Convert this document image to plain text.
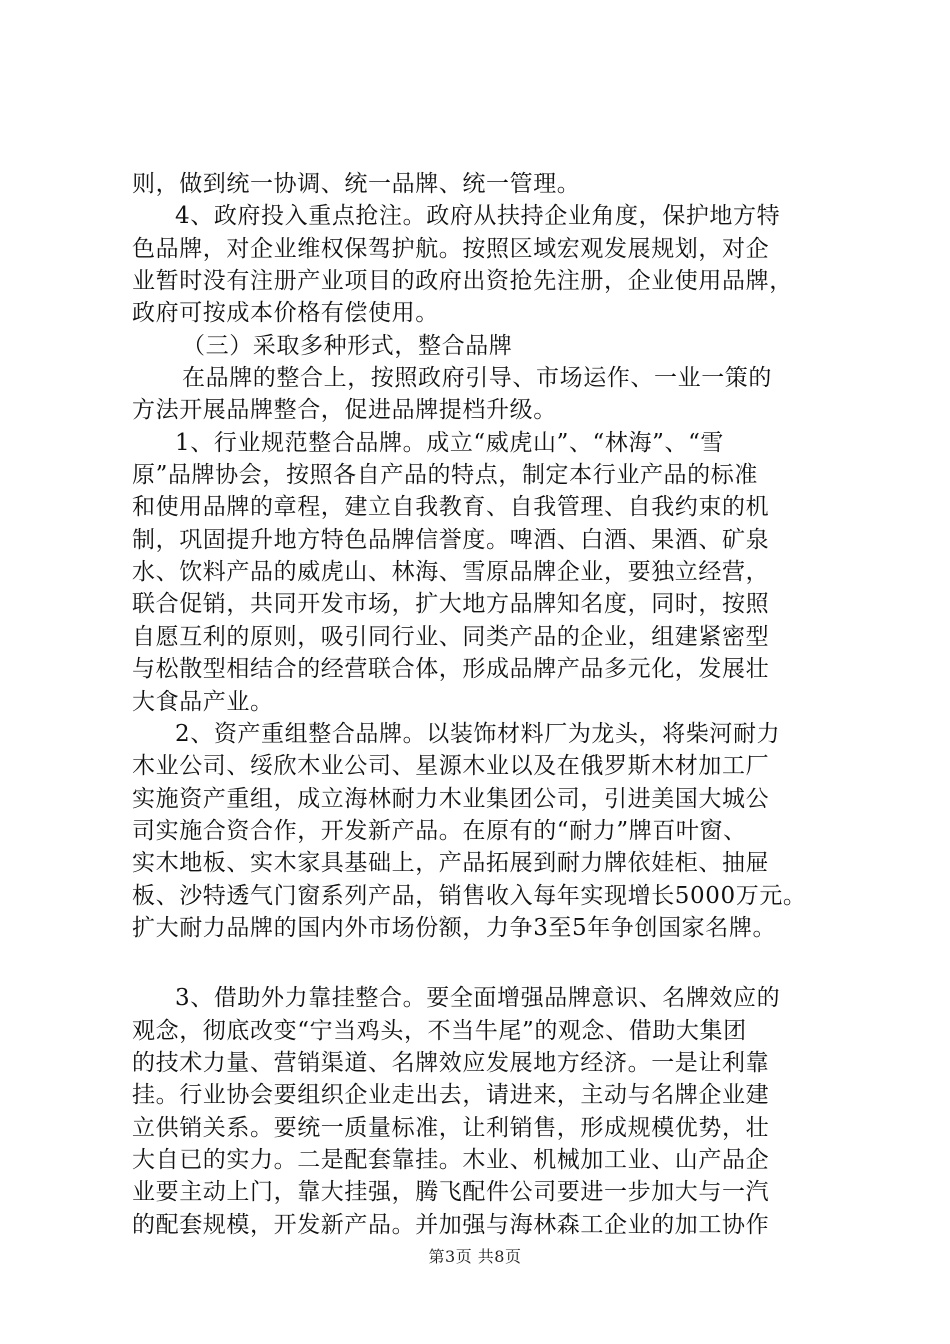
则，做到统一协调、统一品牌、统一管理。
4、政府投入重点抢注。政府从扶持企业角度，保护地方特
色品牌，对企业维权保驾护航。按照区域宏观发展规划，对企
业暂时没有注册产业项目的政府出资抢先注册，企业使用品牌，
政府可按成本价格有偿使用。
（三）采取多种形式，整合品牌
在品牌的整合上，按照政府引导、市场运作、一业一策的
方法开展品牌整合，促进品牌提档升级。
1、行业规范整合品牌。成立“威虎山”、“林海”、“雪
原”品牌协会，按照各自产品的特点，制定本行业产品的标准
和使用品牌的章程，建立自我教育、自我管理、自我约束的机
制，巩固提升地方特色品牌信誉度。啤酒、白酒、果酒、矿泉
水、饮料产品的威虎山、林海、雪原品牌企业，要独立经营，
联合促销，共同开发市场，扩大地方品牌知名度，同时，按照
自愿互利的原则，吸引同行业、同类产品的企业，组建紧密型
与松散型相结合的经营联合体，形成品牌产品多元化，发展壮
大食品产业。
2、资产重组整合品牌。以装饰材料厂为龙头，将柴河耐力
木业公司、绥欣木业公司、星源木业以及在俄罗斯木材加工厂
实施资产重组，成立海林耐力木业集团公司，引进美国大城公
司实施合资合作，开发新产品。在原有的“耐力”牌百叶窗、
实木地板、实木家具基础上，产品拓展到耐力牌依娃柜、抽屉
板、沙特透气门窗系列产品，销售收入每年实现增长5000万元。
扩大耐力品牌的国内外市场份额，力争3至5年争创国家名牌。
3、借助外力靠挂整合。要全面增强品牌意识、名牌效应的
观念，彻底改变“宁当鸡头，不当牛尾”的观念、借助大集团
的技术力量、营销渠道、名牌效应发展地方经济。一是让利靠
挂。行业协会要组织企业走出去，请进来，主动与名牌企业建
立供销关系。要统一质量标准，让利销售，形成规模优势，壮
大自已的实力。二是配套靠挂。木业、机械加工业、山产品企
业要主动上门，靠大挂强，腾飞配件公司要进一步加大与一汽
的配套规模，开发新产品。并加强与海林森工企业的加工协作
第3页 共8页
